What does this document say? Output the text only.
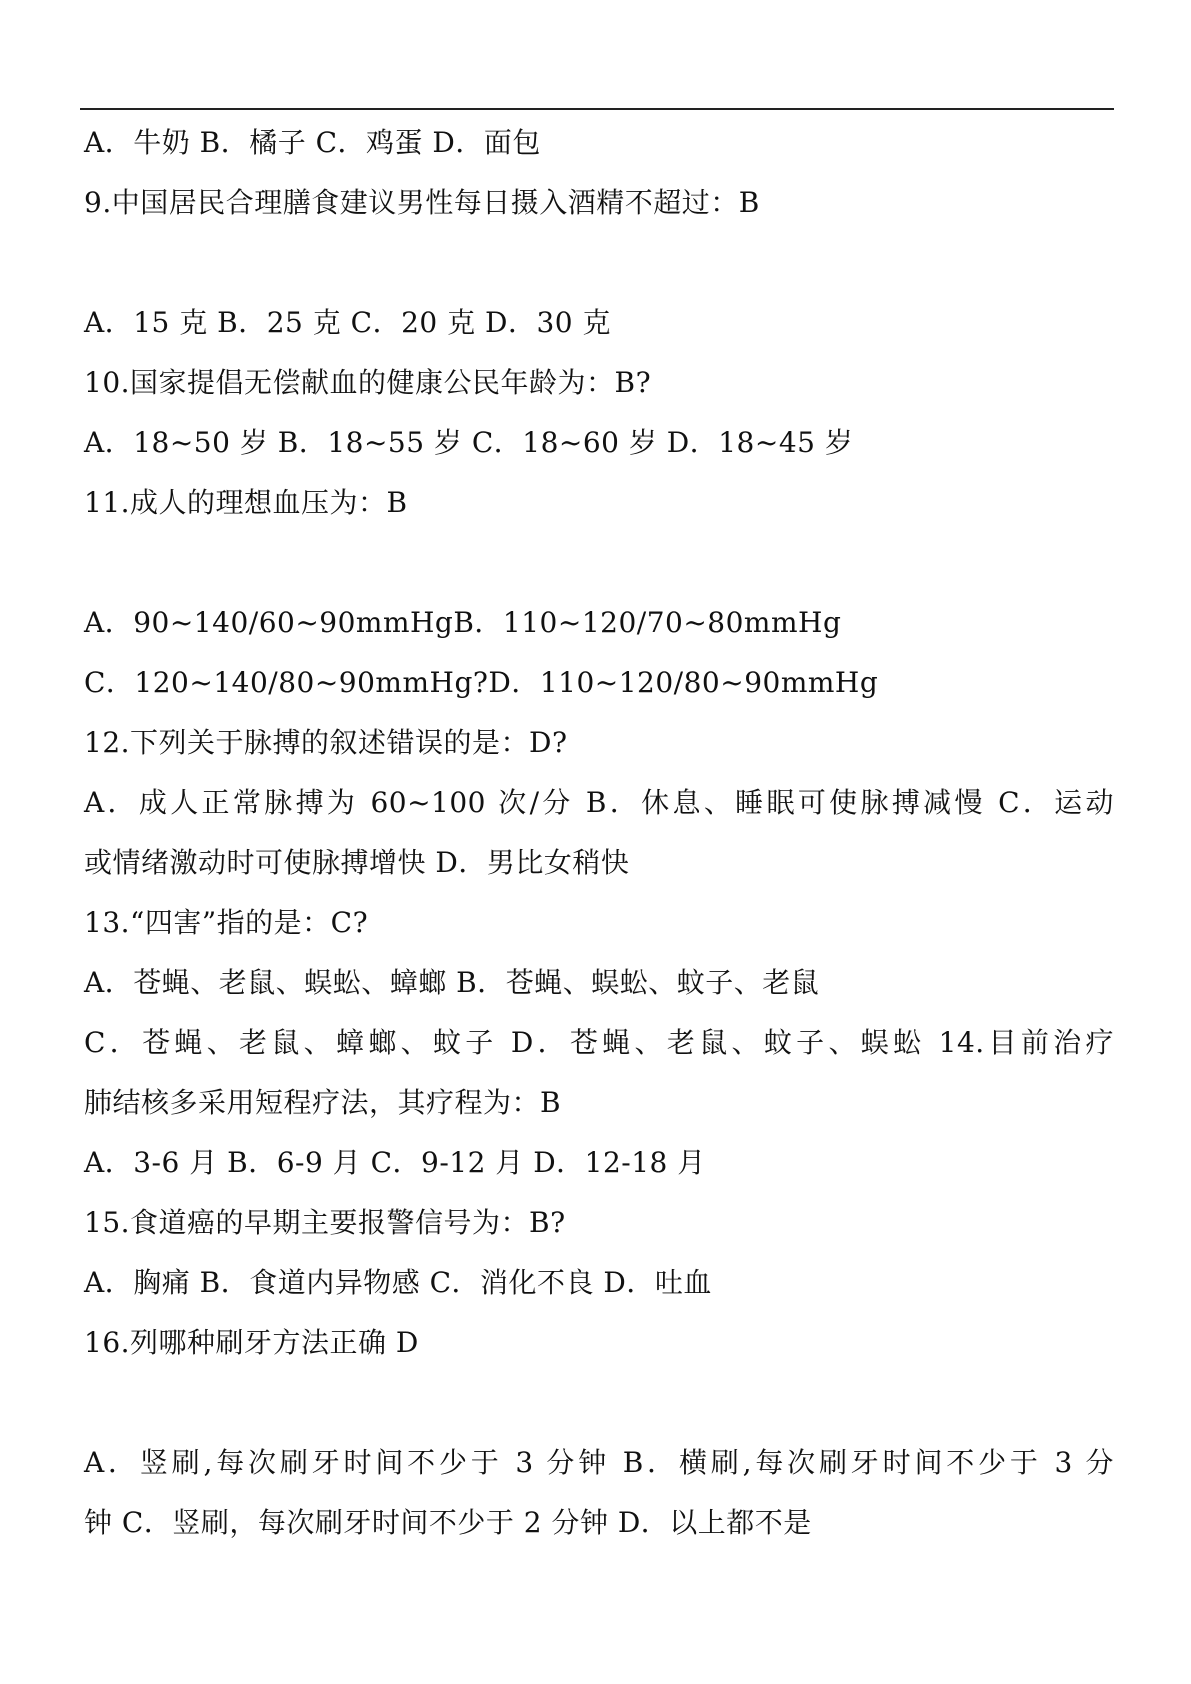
A．牛奶 B．橘子 C．鸡蛋 D．面包
9.中国居民合理膳食建议男性每日摄入酒精不超过：B
A．15 克 B．25 克 C．20 克 D．30 克
10.国家提倡无偿献血的健康公民年龄为：B?
A．18~50 岁 B．18~55 岁 C．18~60 岁 D．18~45 岁
11.成人的理想血压为：B
A．90~140/60~90mmHgB．110~120/70~80mmHg
C．120~140/80~90mmHg?D．110~120/80~90mmHg
12.下列关于脉搏的叙述错误的是：D?
A．成人正常脉搏为 60~100 次/分 B．休息、睡眠可使脉搏减慢 C．运动
或情绪激动时可使脉搏增快 D．男比女稍快
13.“四害”指的是：C?
A．苍蝇、老鼠、蜈蚣、蟑螂 B．苍蝇、蜈蚣、蚊子、老鼠
C．苍蝇、老鼠、蟑螂、蚊子 D．苍蝇、老鼠、蚊子、蜈蚣 14.目前治疗
肺结核多采用短程疗法，其疗程为：B
A．3-6 月 B．6-9 月 C．9-12 月 D．12-18 月
15.食道癌的早期主要报警信号为：B?
A．胸痛 B．食道内异物感 C．消化不良 D．吐血
16.列哪种刷牙方法正确 D
A．竖刷,每次刷牙时间不少于 3 分钟 B．横刷,每次刷牙时间不少于 3 分
钟 C．竖刷，每次刷牙时间不少于 2 分钟 D．以上都不是
